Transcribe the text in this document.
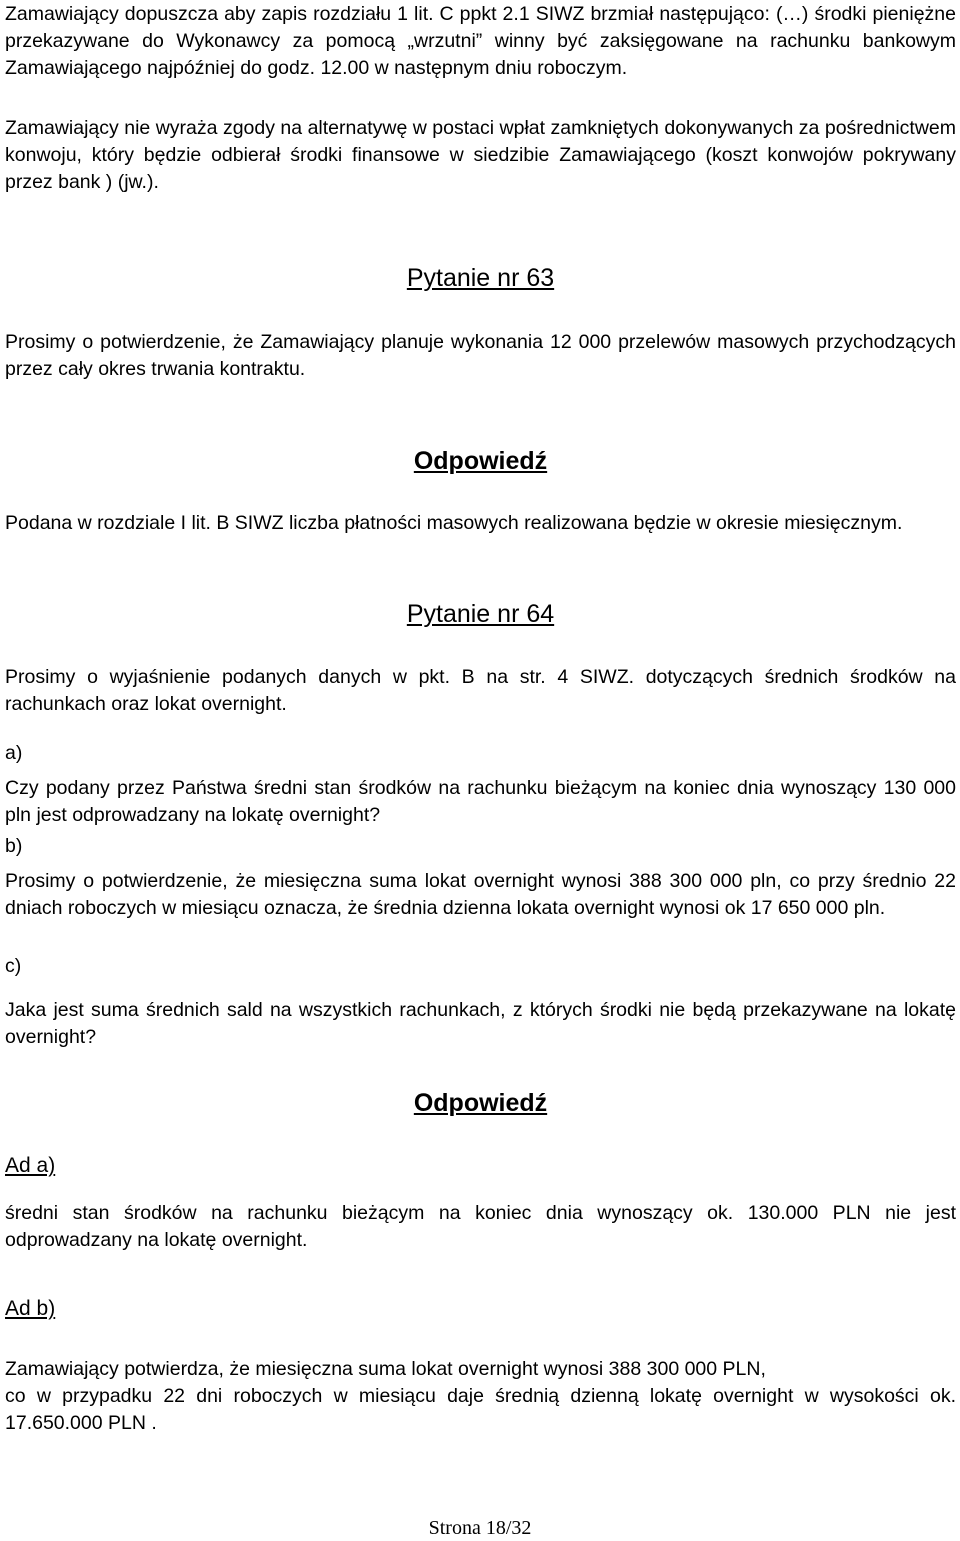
Zamawiający dopuszcza aby zapis rozdziału 1 lit. C ppkt 2.1 SIWZ brzmiał następująco: (…) środki pieniężne przekazywane do Wykonawcy za pomocą „wrzutni” winny być zaksięgowane na rachunku bankowym Zamawiającego najpóźniej do godz. 12.00 w następnym dniu roboczym.

Zamawiający nie wyraża zgody na alternatywę w postaci wpłat zamkniętych dokonywanych za pośrednictwem konwoju, który będzie odbierał środki finansowe w siedzibie Zamawiającego (koszt konwojów pokrywany przez bank ) (jw.).

Pytanie nr 63

Prosimy o potwierdzenie, że Zamawiający planuje wykonania 12 000 przelewów masowych przychodzących przez cały okres trwania kontraktu.

Odpowiedź

Podana w rozdziale I lit. B SIWZ liczba płatności masowych realizowana będzie w okresie miesięcznym.

Pytanie nr 64

Prosimy o wyjaśnienie podanych danych w pkt. B na str. 4 SIWZ. dotyczących średnich środków na rachunkach oraz lokat overnight.

a)

Czy podany przez Państwa średni stan środków na rachunku bieżącym na koniec dnia wynoszący 130 000 pln jest odprowadzany na lokatę overnight?

b)

Prosimy o potwierdzenie, że miesięczna suma lokat overnight wynosi 388 300 000 pln, co przy średnio 22 dniach roboczych w miesiącu oznacza, że średnia dzienna lokata overnight wynosi ok 17 650 000 pln.

c)

Jaka jest suma średnich sald na wszystkich rachunkach, z których środki nie będą przekazywane na lokatę overnight?

Odpowiedź

Ad a)

średni stan środków na rachunku bieżącym na koniec dnia wynoszący ok. 130.000 PLN nie jest odprowadzany na lokatę overnight.

Ad b)

Zamawiający potwierdza, że miesięczna suma lokat overnight wynosi 388 300 000 PLN,

co w przypadku 22 dni roboczych w miesiącu daje średnią dzienną lokatę overnight w wysokości ok. 17.650.000 PLN .

Strona 18/32
